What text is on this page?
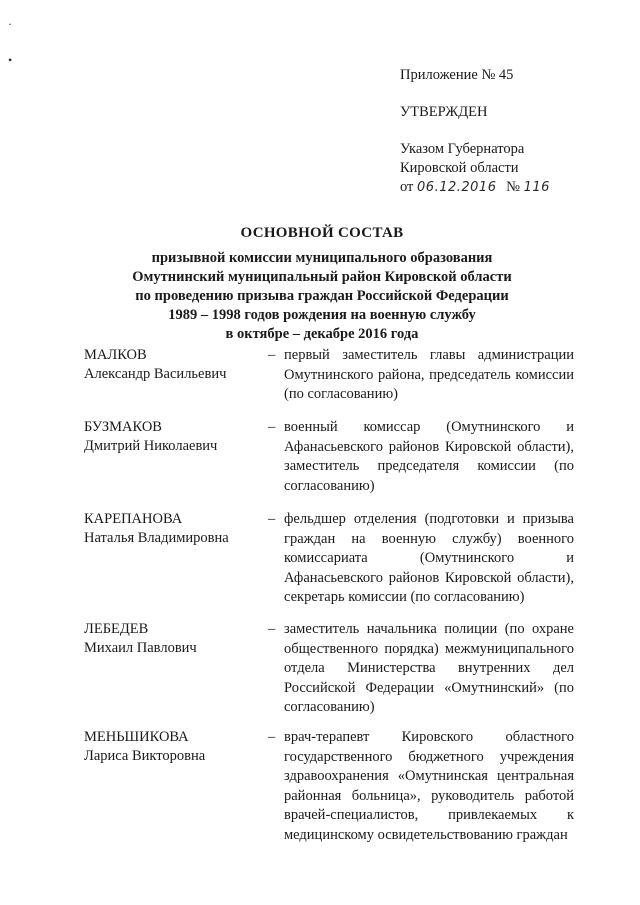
·
•
Приложение № 45
УТВЕРЖДЕН
Указом Губернатора
Кировской области
от 06.12.2016 № 116
ОСНОВНОЙ СОСТАВ
призывной комиссии муниципального образования
Омутнинский муниципальный район Кировской области
по проведению призыва граждан Российской Федерации
1989 – 1998 годов рождения на военную службу
в октябре – декабре 2016 года
МАЛКОВ
Александр Васильевич
– первый заместитель главы администрации Омутнинского района, председатель комиссии (по согласованию)
БУЗМАКОВ
Дмитрий Николаевич
– военный комиссар (Омутнинского и Афанасьевского районов Кировской области), заместитель председателя комиссии (по согласованию)
КАРЕПАНОВА
Наталья Владимировна
– фельдшер отделения (подготовки и призыва граждан на военную службу) военного комиссариата (Омутнинского и Афанасьевского районов Кировской области), секретарь комиссии (по согласованию)
ЛЕБЕДЕВ
Михаил Павлович
– заместитель начальника полиции (по охране общественного порядка) межмуниципального отдела Министерства внутренних дел Российской Федерации «Омутнинский» (по согласованию)
МЕНЬШИКОВА
Лариса Викторовна
– врач-терапевт Кировского областного государственного бюджетного учреждения здравоохранения «Омутнинская центральная районная больница», руководитель работой врачей-специалистов, привлекаемых к медицинскому освидетельствованию граждан
